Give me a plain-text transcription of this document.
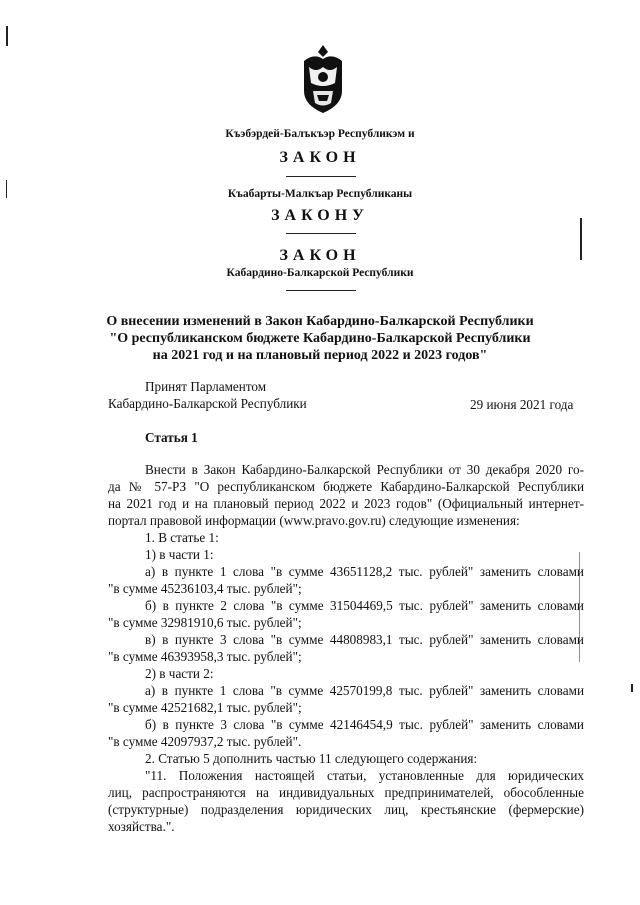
Къэбэрдей-Балъкъэр Республикэм и
ЗАКОН
Къабарты-Малкъар Республиканы
ЗАКОНУ
ЗАКОН
Кабардино-Балкарской Республики
О внесении изменений в Закон Кабардино-Балкарской Республики
"О республиканском бюджете Кабардино-Балкарской Республики
на 2021 год и на плановый период 2022 и 2023 годов"
Принят Парламентом
Кабардино-Балкарской Республики	29 июня 2021 года
Статья 1
Внести в Закон Кабардино-Балкарской Республики от 30 декабря 2020 го-
да № 57-РЗ "О республиканском бюджете Кабардино-Балкарской Республики
на 2021 год и на плановый период 2022 и 2023 годов" (Официальный интернет-
портал правовой информации (www.pravo.gov.ru) следующие изменения:
1. В статье 1:
1) в части 1:
а) в пункте 1 слова "в сумме 43651128,2 тыс. рублей" заменить словами
"в сумме 45236103,4 тыс. рублей";
б) в пункте 2 слова "в сумме 31504469,5 тыс. рублей" заменить словами
"в сумме 32981910,6 тыс. рублей";
в) в пункте 3 слова "в сумме 44808983,1 тыс. рублей" заменить словами
"в сумме 46393958,3 тыс. рублей";
2) в части 2:
а) в пункте 1 слова "в сумме 42570199,8 тыс. рублей" заменить словами
"в сумме 42521682,1 тыс. рублей";
б) в пункте 3 слова "в сумме 42146454,9 тыс. рублей" заменить словами
"в сумме 42097937,2 тыс. рублей".
2. Статью 5 дополнить частью 11 следующего содержания:
"11. Положения настоящей статьи, установленные для юридических
лиц, распространяются на индивидуальных предпринимателей, обособленные
(структурные) подразделения юридических лиц, крестьянские (фермерские)
хозяйства.".
